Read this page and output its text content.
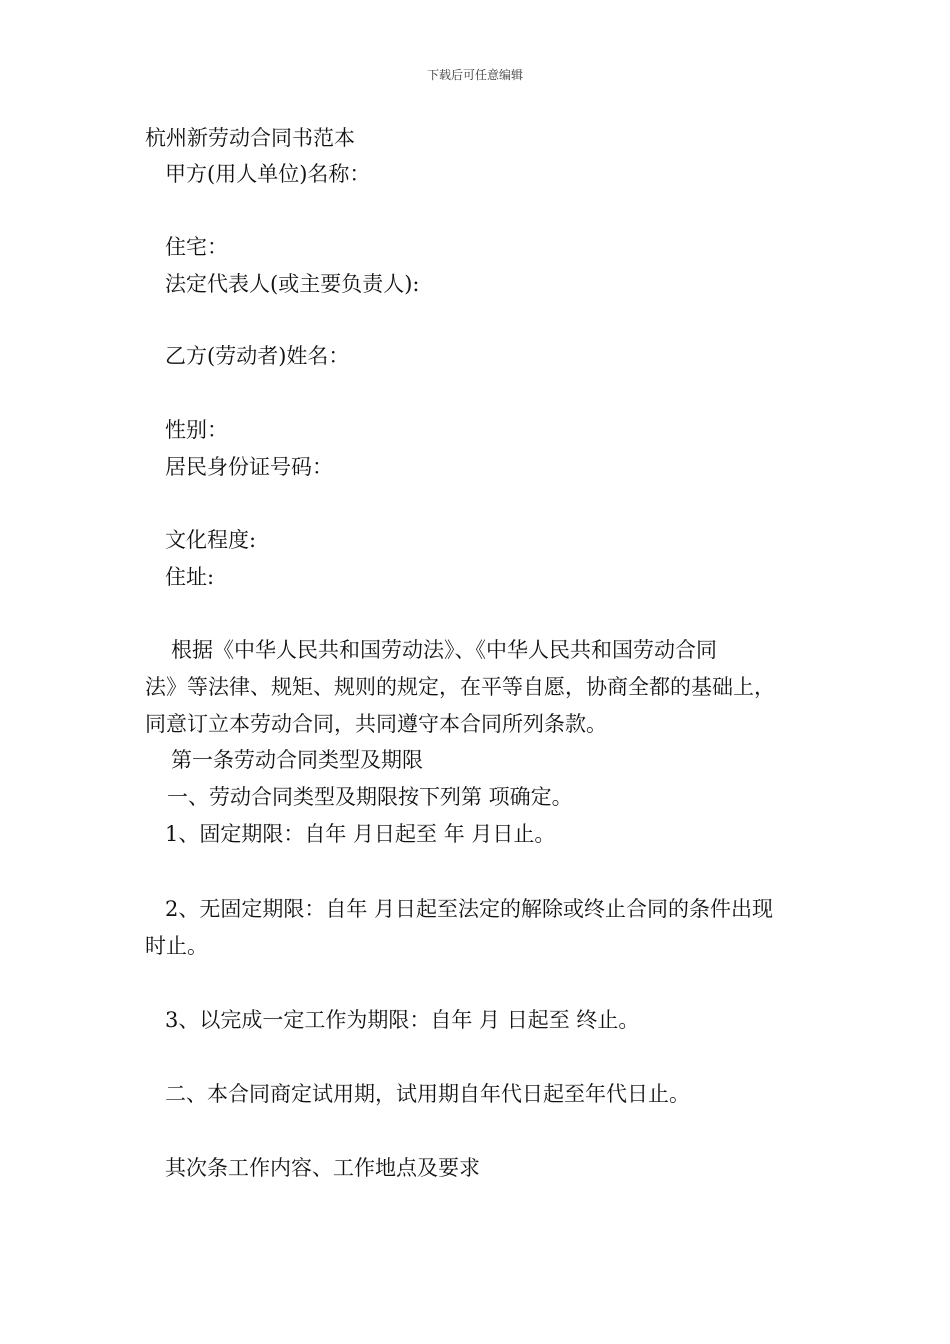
下载后可任意编辑
杭州新劳动合同书范本
甲方(用人单位)名称：
住宅：
法定代表人(或主要负责人):
乙方(劳动者)姓名：
性别：
居民身份证号码：
文化程度:
住址:
根据《中华人民共和国劳动法》、《中华人民共和国劳动合同
法》等法律、规矩、规则的规定，在平等自愿，协商全都的基础上，
同意订立本劳动合同，共同遵守本合同所列条款。
第一条劳动合同类型及期限
一、劳动合同类型及期限按下列第 项确定。
1、固定期限：自年 月日起至 年 月日止。
2、无固定期限：自年 月日起至法定的解除或终止合同的条件出现
时止。
3、以完成一定工作为期限：自年 月 日起至 终止。
二、本合同商定试用期，试用期自年代日起至年代日止。
其次条工作内容、工作地点及要求
